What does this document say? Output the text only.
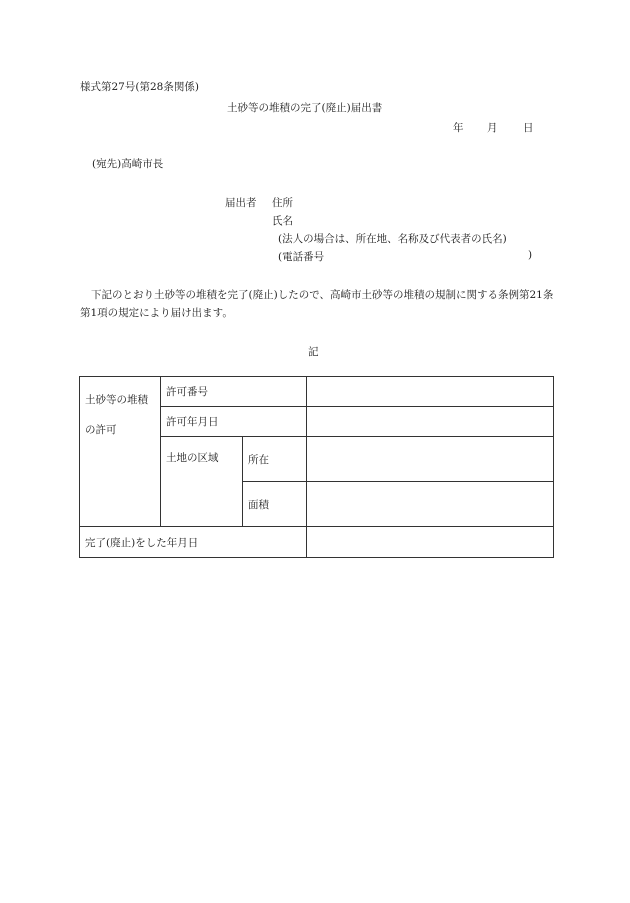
様式第27号(第28条関係)
土砂等の堆積の完了(廃止)届出書
年 月 日
(宛先)高崎市長
届出者 住所
氏名
(法人の場合は、所在地、名称及び代表者の氏名)
(電話番号	)
下記のとおり土砂等の堆積を完了(廃止)したので、高崎市土砂等の堆積の規制に関する条例第21条第1項の規定により届け出ます。
記
土砂等の堆積
の許可	許可番号		
	許可年月日		
	土地の区域	所在	
		面積	
完了(廃止)をした年月日			
